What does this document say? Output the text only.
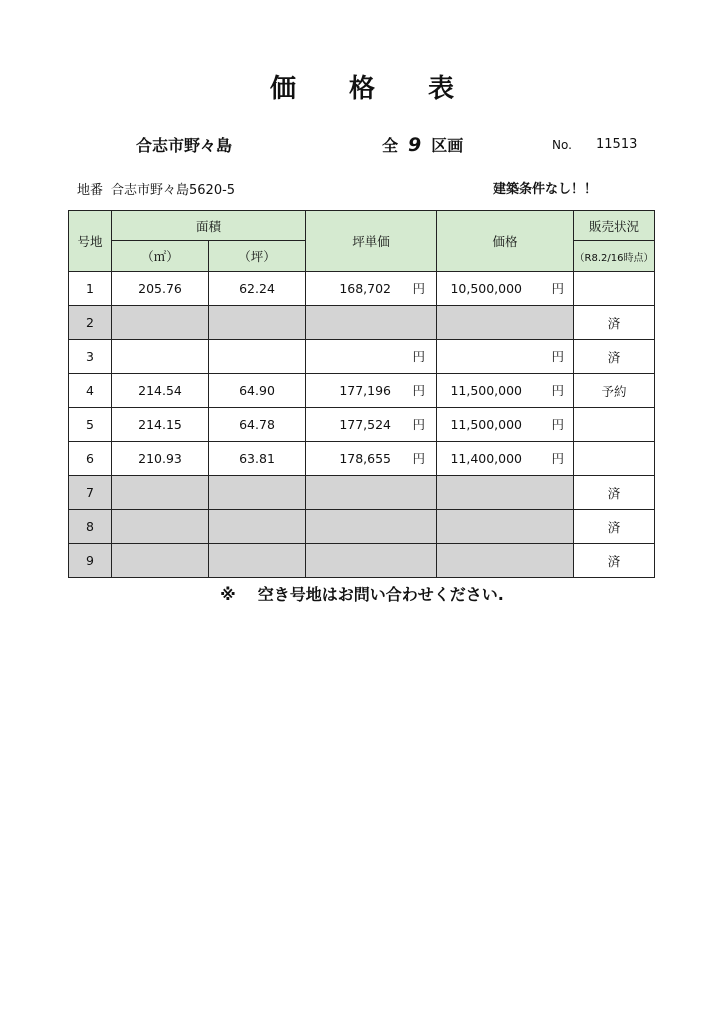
価 格 表
合志市野々島	全 9 区画	No. 11513
地番 合志市野々島5620-5	建築条件なし！！
号地	面積		坪単価	価格	販売状況
	（㎡）	（坪）			（R8.2/16時点）
1	205.76	62.24	168,702 円	10,500,000 円	

2					済
3			円	円	済
4	214.54	64.90	177,196 円	11,500,000 円	予約
5	214.15	64.78	177,524 円	11,500,000 円	

6	210.93	63.81	178,655 円	11,400,000 円	

7					済
8					済
9					済
※ 空き号地はお問い合わせください.
